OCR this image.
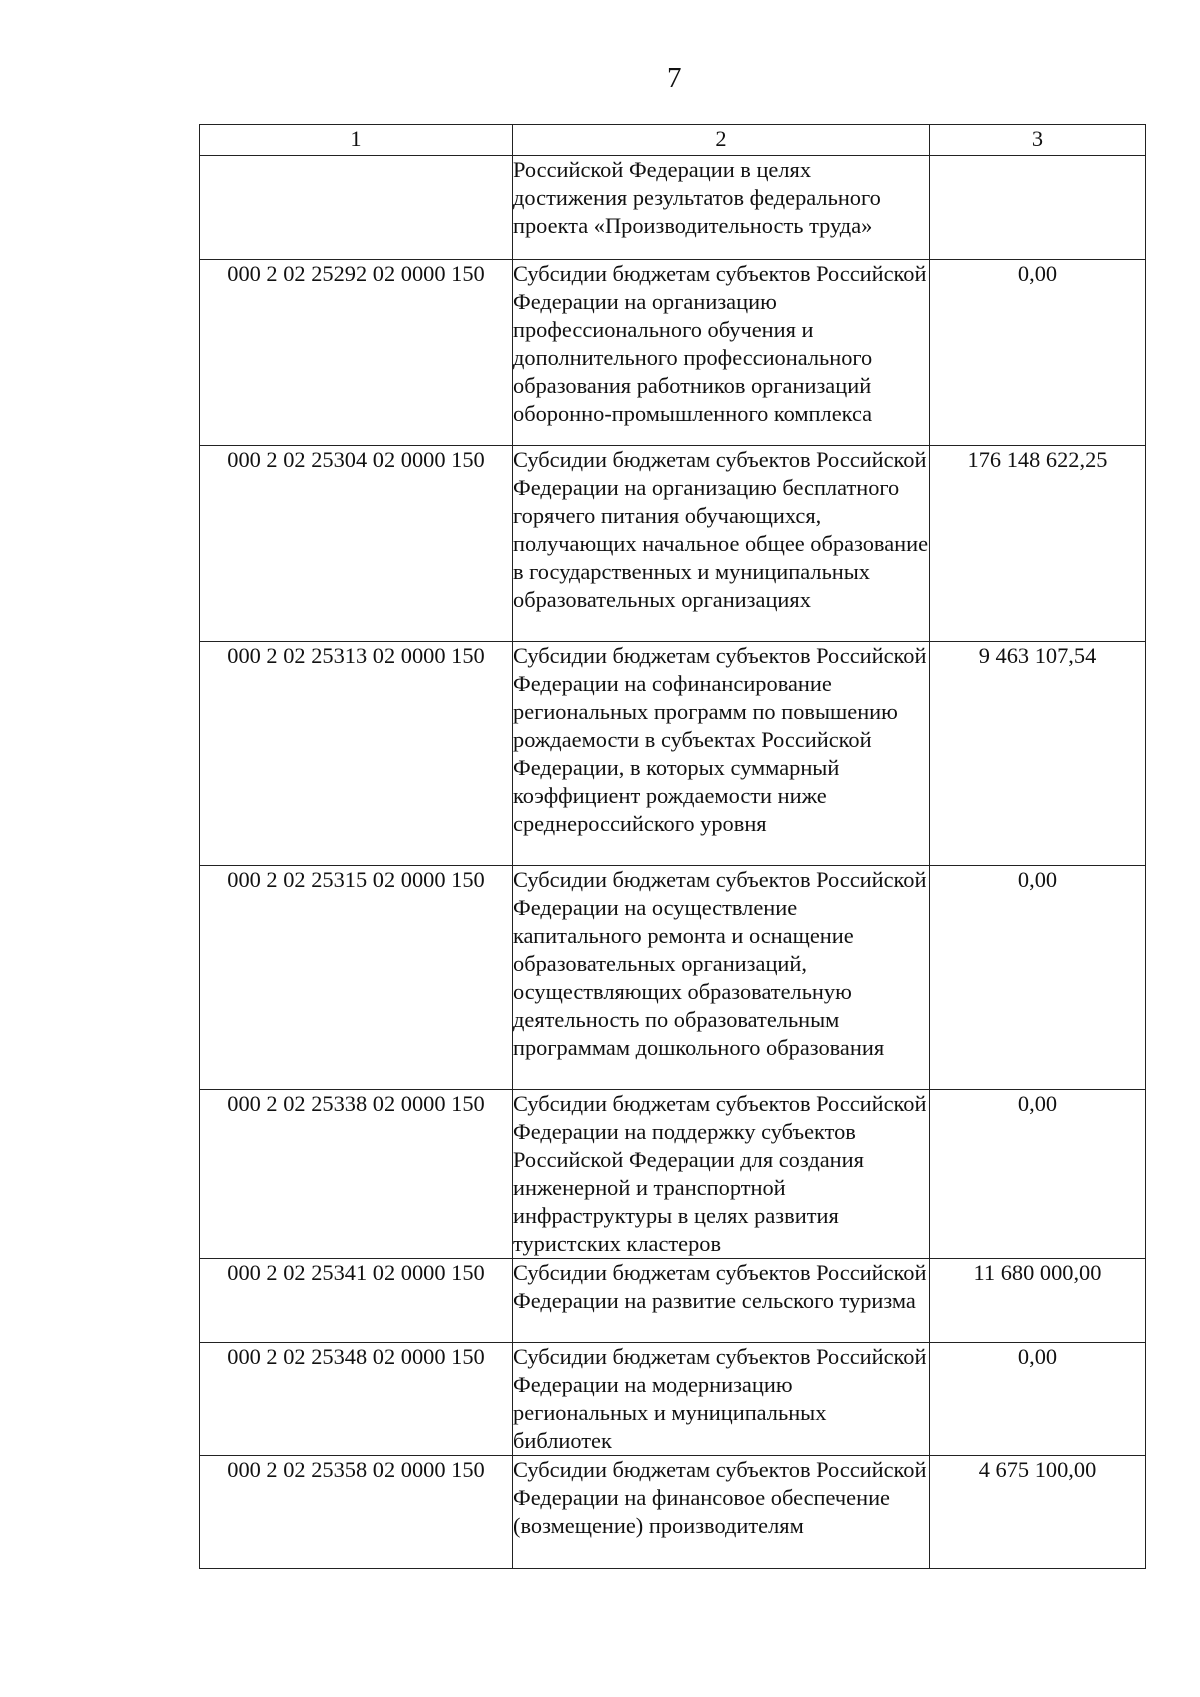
7
1	2	3
	Российской Федерации в целях достижения результатов федерального проекта «Производительность труда»	
000 2 02 25292 02 0000 150	Субсидии бюджетам субъектов Российской Федерации на организацию профессионального обучения и дополнительного профессионального образования работников организаций оборонно-промышленного комплекса	0,00
000 2 02 25304 02 0000 150	Субсидии бюджетам субъектов Российской Федерации на организацию бесплатного горячего питания обучающихся, получающих начальное общее образование в государственных и муниципальных образовательных организациях	176 148 622,25
000 2 02 25313 02 0000 150	Субсидии бюджетам субъектов Российской Федерации на софинансирование региональных программ по повышению рождаемости в субъектах Российской Федерации, в которых суммарный коэффициент рождаемости ниже среднероссийского уровня	9 463 107,54
000 2 02 25315 02 0000 150	Субсидии бюджетам субъектов Российской Федерации на осуществление капитального ремонта и оснащение образовательных организаций, осуществляющих образовательную деятельность по образовательным программам дошкольного образования	0,00
000 2 02 25338 02 0000 150	Субсидии бюджетам субъектов Российской Федерации на поддержку субъектов Российской Федерации для создания инженерной и транспортной инфраструктуры в целях развития туристских кластеров	0,00
000 2 02 25341 02 0000 150	Субсидии бюджетам субъектов Российской Федерации на развитие сельского туризма	11 680 000,00
000 2 02 25348 02 0000 150	Субсидии бюджетам субъектов Российской Федерации на модернизацию региональных и муниципальных библиотек	0,00
000 2 02 25358 02 0000 150	Субсидии бюджетам субъектов Российской Федерации на финансовое обеспечение (возмещение) производителям	4 675 100,00
